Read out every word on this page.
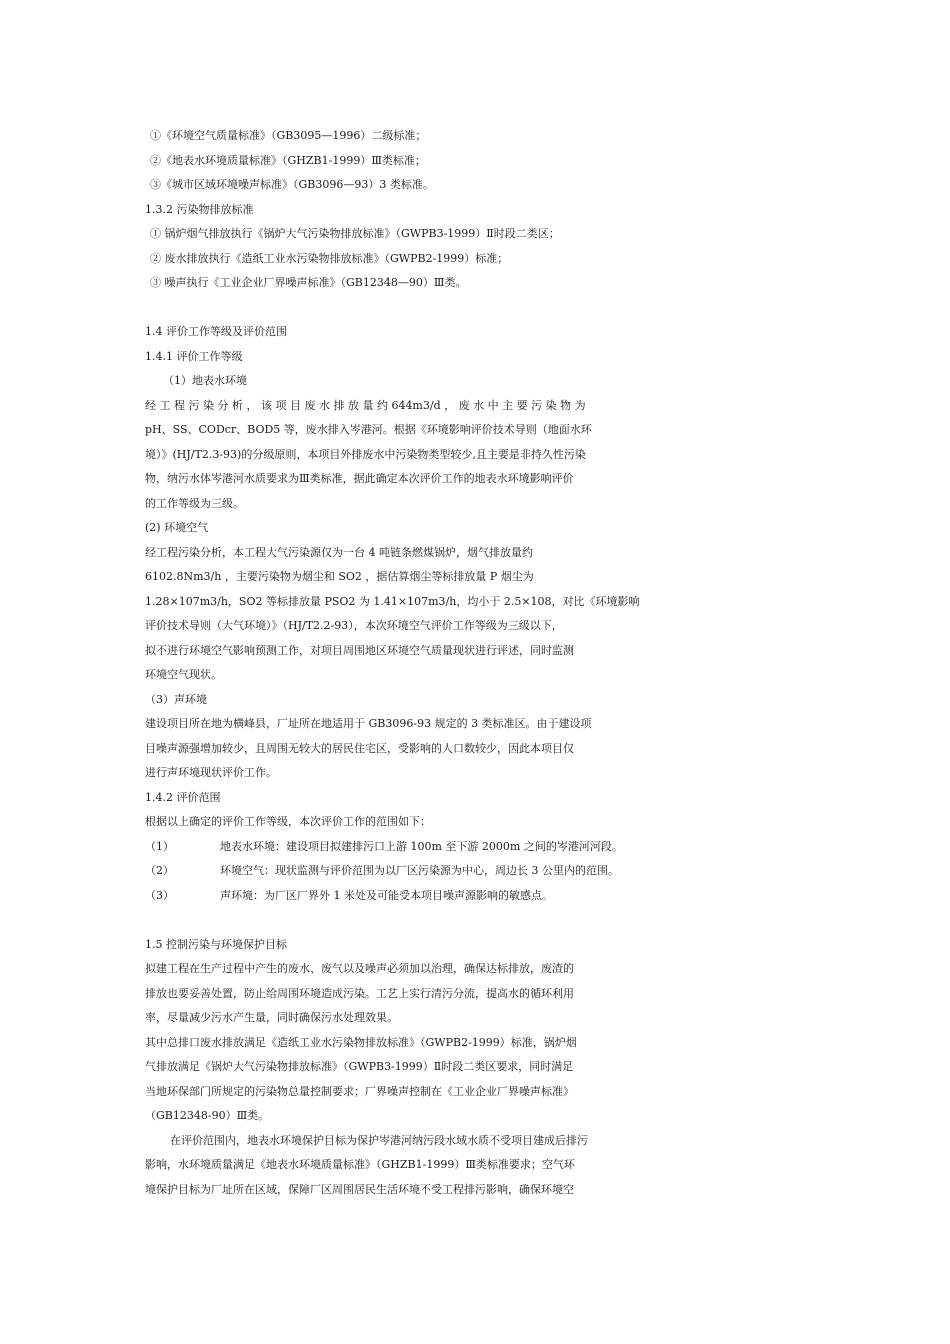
①《环境空气质量标准》（GB3095—1996）二级标准；
②《地表水环境质量标准》（GHZB1-1999）Ⅲ类标准；
③《城市区域环境噪声标准》（GB3096—93）3 类标准。
1.3.2 污染物排放标准
① 锅炉烟气排放执行《锅炉大气污染物排放标准》（GWPB3-1999）Ⅱ时段二类区；
② 废水排放执行《造纸工业水污染物排放标准》（GWPB2-1999）标准；
③ 噪声执行《工业企业厂界噪声标准》（GB12348—90）Ⅲ类。
1.4 评价工作等级及评价范围
1.4.1 评价工作等级
（1）地表水环境
经 工 程 污 染 分 析 ， 该 项 目 废 水 排 放 量 约 644m3/d ， 废 水 中 主 要 污 染 物 为
pH、SS、CODcr、BOD5 等，废水排入岑港河。根据《环境影响评价技术导则（地面水环
境）》(HJ/T2.3-93)的分级原则，本项目外排废水中污染物类型较少,且主要是非持久性污染
物，纳污水体岑港河水质要求为Ⅲ类标准，据此确定本次评价工作的地表水环境影响评价
的工作等级为三级。
(2) 环境空气
经工程污染分析，本工程大气污染源仅为一台 4 吨链条燃煤锅炉，烟气排放量约
6102.8Nm3/h ，主要污染物为烟尘和 SO2 ，据估算烟尘等标排放量 P 烟尘为
1.28×107m3/h，SO2 等标排放量 PSO2 为 1.41×107m3/h，均小于 2.5×108，对比《环境影响
评价技术导则（大气环境）》（HJ/T2.2-93），本次环境空气评价工作等级为三级以下，
拟不进行环境空气影响预测工作，对项目周围地区环境空气质量现状进行评述，同时监测
环境空气现状。
（3）声环境
建设项目所在地为横峰县，厂址所在地适用于 GB3096-93 规定的 3 类标准区。由于建设项
目噪声源强增加较少，且周围无较大的居民住宅区，受影响的人口数较少，因此本项目仅
进行声环境现状评价工作。
1.4.2 评价范围
根据以上确定的评价工作等级，本次评价工作的范围如下：
（1）	地表水环境：建设项目拟建排污口上游 100m 至下游 2000m 之间的岑港河河段。
（2）	环境空气：现状监测与评价范围为以厂区污染源为中心，周边长 3 公里内的范围。
（3）	声环境：为厂区厂界外 1 米处及可能受本项目噪声源影响的敏感点。
1.5 控制污染与环境保护目标
拟建工程在生产过程中产生的废水、废气以及噪声必须加以治理，确保达标排放，废渣的
排放也要妥善处置，防止给周围环境造成污染。工艺上实行清污分流，提高水的循环利用
率，尽量减少污水产生量，同时确保污水处理效果。
其中总排口废水排放满足《造纸工业水污染物排放标准》（GWPB2-1999）标准，锅炉烟
气排放满足《锅炉大气污染物排放标准》（GWPB3-1999）Ⅱ时段二类区要求，同时满足
当地环保部门所规定的污染物总量控制要求；厂界噪声控制在《工业企业厂界噪声标准》
（GB12348-90）Ⅲ类。
在评价范围内，地表水环境保护目标为保护岑港河纳污段水域水质不受项目建成后排污
影响，水环境质量满足《地表水环境质量标准》（GHZB1-1999）Ⅲ类标准要求；空气环
境保护目标为厂址所在区域，保障厂区周围居民生活环境不受工程排污影响，确保环境空
